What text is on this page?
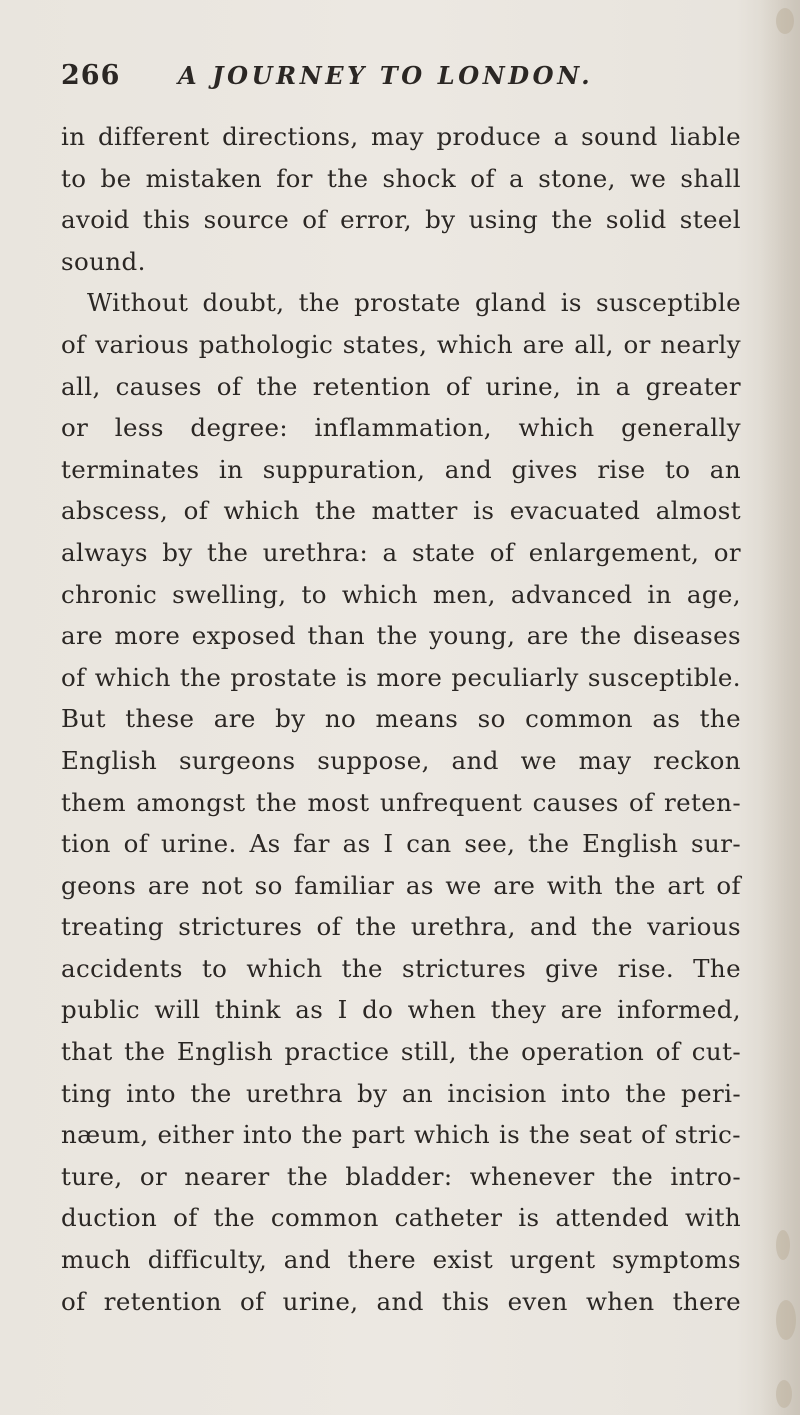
266 A JOURNEY TO LONDON.
in different directions, may produce a sound liable
to be mistaken for the shock of a stone, we shall
avoid this source of error, by using the solid steel
sound.
Without doubt, the prostate gland is susceptible
of various pathologic states, which are all, or nearly
all, causes of the retention of urine, in a greater
or less degree: inflammation, which generally
terminates in suppuration, and gives rise to an
abscess, of which the matter is evacuated almost
always by the urethra: a state of enlargement, or
chronic swelling, to which men, advanced in age,
are more exposed than the young, are the diseases
of which the prostate is more peculiarly susceptible.
But these are by no means so common as the
English surgeons suppose, and we may reckon
them amongst the most unfrequent causes of reten-
tion of urine. As far as I can see, the English sur-
geons are not so familiar as we are with the art of
treating strictures of the urethra, and the various
accidents to which the strictures give rise. The
public will think as I do when they are informed,
that the English practice still, the operation of cut-
ting into the urethra by an incision into the peri-
næum, either into the part which is the seat of stric-
ture, or nearer the bladder: whenever the intro-
duction of the common catheter is attended with
much difficulty, and there exist urgent symptoms
of retention of urine, and this even when there
